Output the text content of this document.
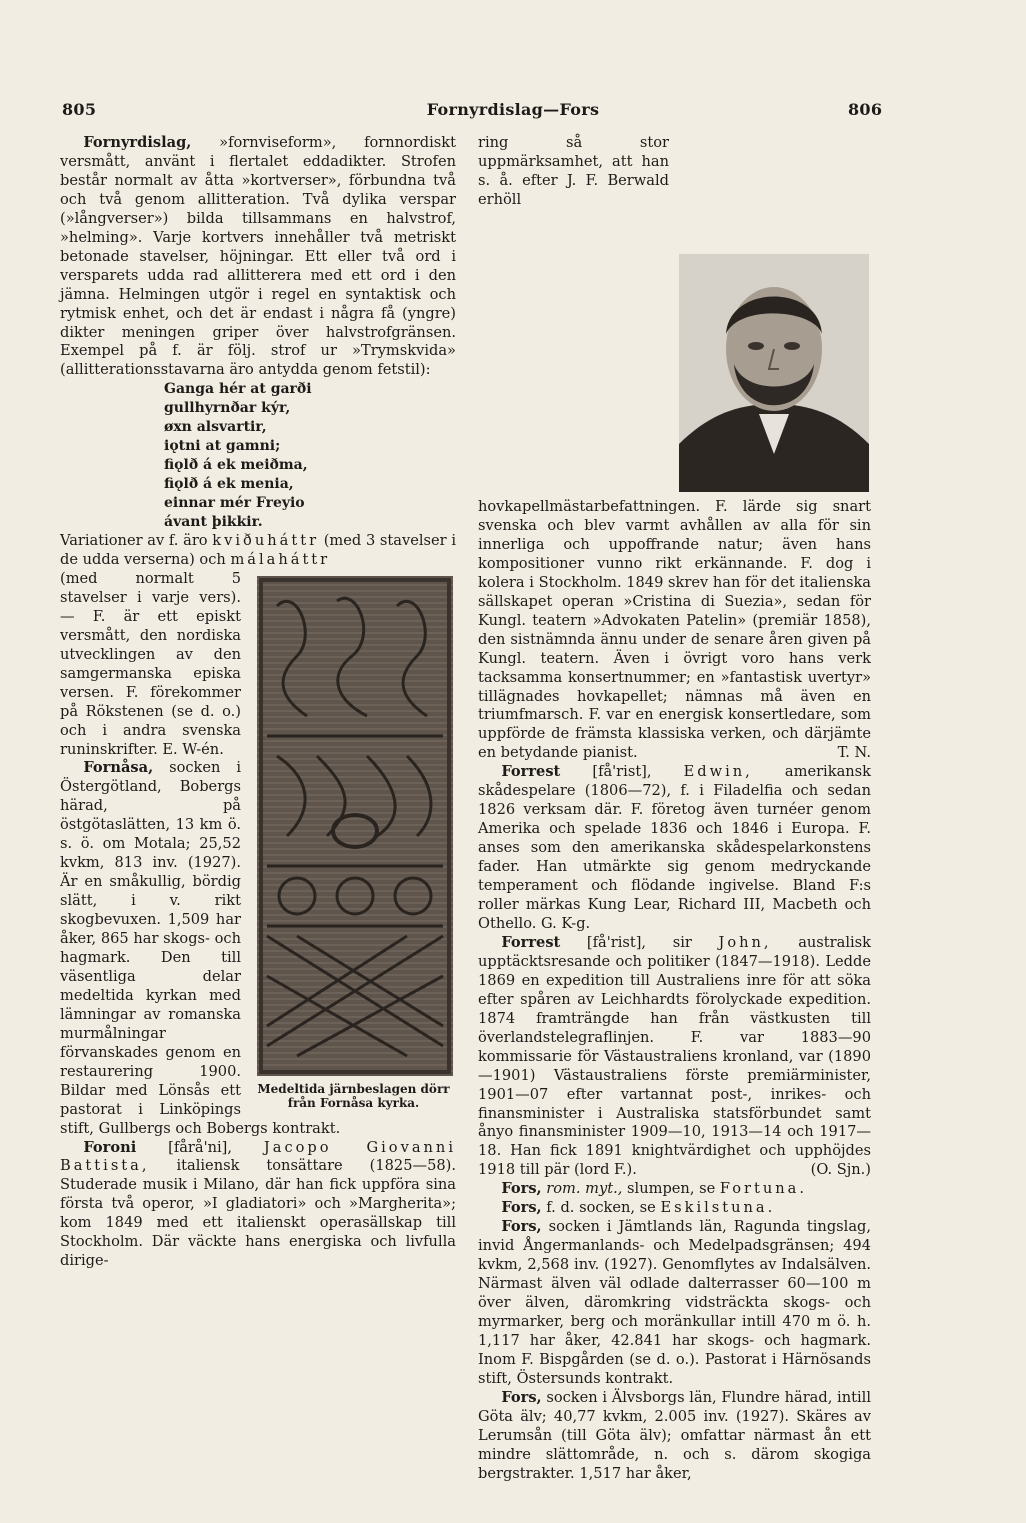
805	Fornyrdislag—Fors	806

Fornyrdislag, »fornviseform», fornnordiskt versmått, använt i flertalet eddadikter. Strofen består normalt av åtta »kortverser», förbundna två och två genom allitteration. Två dylika verspar (»långverser») bilda tillsammans en halvstrof, »helming». Varje kortvers innehåller två metriskt betonade stavelser, höjningar. Ett eller två ord i versparets udda rad allitterera med ett ord i den jämna. Helmingen utgör i regel en syntaktisk och rytmisk enhet, och det är endast i några få (yngre) dikter meningen griper över halvstrofgränsen. Exempel på f. är följ. strof ur »Trymskvida» (allitterationsstavarna äro antydda genom fetstil):

Ganga hér at garði
gullhyrnðar kýr,
øxn alsvartir,
iǫtni at gamni;
fiǫlð á ek meiðma,
fiǫlð á ek menia,
einnar mér Freyio
ávant þikkir.

Variationer av f. äro kviðuháttr (med 3 stavelser i de udda verserna) och málaháttr

Medeltida järnbeslagen dörr från Fornåsa kyrka.
(med normalt 5 stavelser i varje vers). — F. är ett episkt versmått, den nordiska utvecklingen av den samgermanska episka versen. F. förekommer på Rökstenen (se d. o.) och i andra svenska runinskrifter. E. W-én.

Fornåsa, socken i Östergötland, Bobergs härad, på östgötaslätten, 13 km ö. s. ö. om Motala; 25,52 kvkm, 813 inv. (1927). Är en småkullig, bördig slätt, i v. rikt skogbevuxen. 1,509 har åker, 865 har skogs- och hagmark. Den till väsentliga delar medeltida kyrkan med lämningar av romanska murmålningar förvanskades genom en restaurering 1900. Bildar med Lönsås ett pastorat i Linköpings stift, Gullbergs och Bobergs kontrakt.

Foroni [fårå'ni], Jacopo Giovanni Battista, italiensk tonsättare (1825—58). Studerade musik i Milano, där han fick uppföra sina första två operor, »I gladiatori» och »Margherita»; kom 1849 med ett italienskt operasällskap till Stockholm. Där väckte hans energiska och livfulla dirige-

ring så stor uppmärksamhet, att han s. å. efter J. F. Berwald erhöll hovkapellmästarbefattningen. F. lärde sig snart svenska och blev varmt avhållen av alla för sin innerliga och uppoffrande natur; även hans kompositioner vunno rikt erkännande. F. dog i kolera i Stockholm. 1849 skrev han för det italienska sällskapet operan »Cristina di Suezia», sedan för Kungl. teatern »Advokaten Patelin» (premiär 1858), den sistnämnda ännu under de senare åren given på Kungl. teatern. Även i övrigt voro hans verk tacksamma konsertnummer; en »fantastisk uvertyr» tillägnades hovkapellet; nämnas må även en triumfmarsch. F. var en energisk konsertledare, som uppförde de främsta klassiska verken, och därjämte en betydande pianist.	T. N.

Forrest [få'rist], Edwin, amerikansk skådespelare (1806—72), f. i Filadelfia och sedan 1826 verksam där. F. företog även turnéer genom Amerika och spelade 1836 och 1846 i Europa. F. anses som den amerikanska skådespelarkonstens fader. Han utmärkte sig genom medryckande temperament och flödande ingivelse. Bland F:s roller märkas Kung Lear, Richard III, Macbeth och Othello. G. K-g.

Forrest [få'rist], sir John, australisk upptäcktsresande och politiker (1847—1918). Ledde 1869 en expedition till Australiens inre för att söka efter spåren av Leichhardts förolyckade expedition. 1874 framträngde han från västkusten till överlandstelegraflinjen. F. var 1883—90 kommissarie för Västaustraliens kronland, var (1890—1901) Västaustraliens förste premiärminister, 1901—07 efter vartannat post-, inrikes- och finansminister i Australiska statsförbundet samt ånyo finansminister 1909—10, 1913—14 och 1917—18. Han fick 1891 knightvärdighet och upphöjdes 1918 till pär (lord F.).	(O. Sjn.)

Fors, rom. myt., slumpen, se Fortuna.

Fors, f. d. socken, se Eskilstuna.

Fors, socken i Jämtlands län, Ragunda tingslag, invid Ångermanlands- och Medelpadsgränsen; 494 kvkm, 2,568 inv. (1927). Genomflytes av Indalsälven. Närmast älven väl odlade dalterrasser 60—100 m över älven, däromkring vidsträckta skogs- och myrmarker, berg och moränkullar intill 470 m ö. h. 1,117 har åker, 42.841 har skogs- och hagmark. Inom F. Bispgården (se d. o.). Pastorat i Härnösands stift, Östersunds kontrakt.

Fors, socken i Älvsborgs län, Flundre härad, intill Göta älv; 40,77 kvkm, 2.005 inv. (1927). Skäres av Lerumsån (till Göta älv); omfattar närmast ån ett mindre slättområde, n. och s. därom skogiga bergstrakter. 1,517 har åker,
